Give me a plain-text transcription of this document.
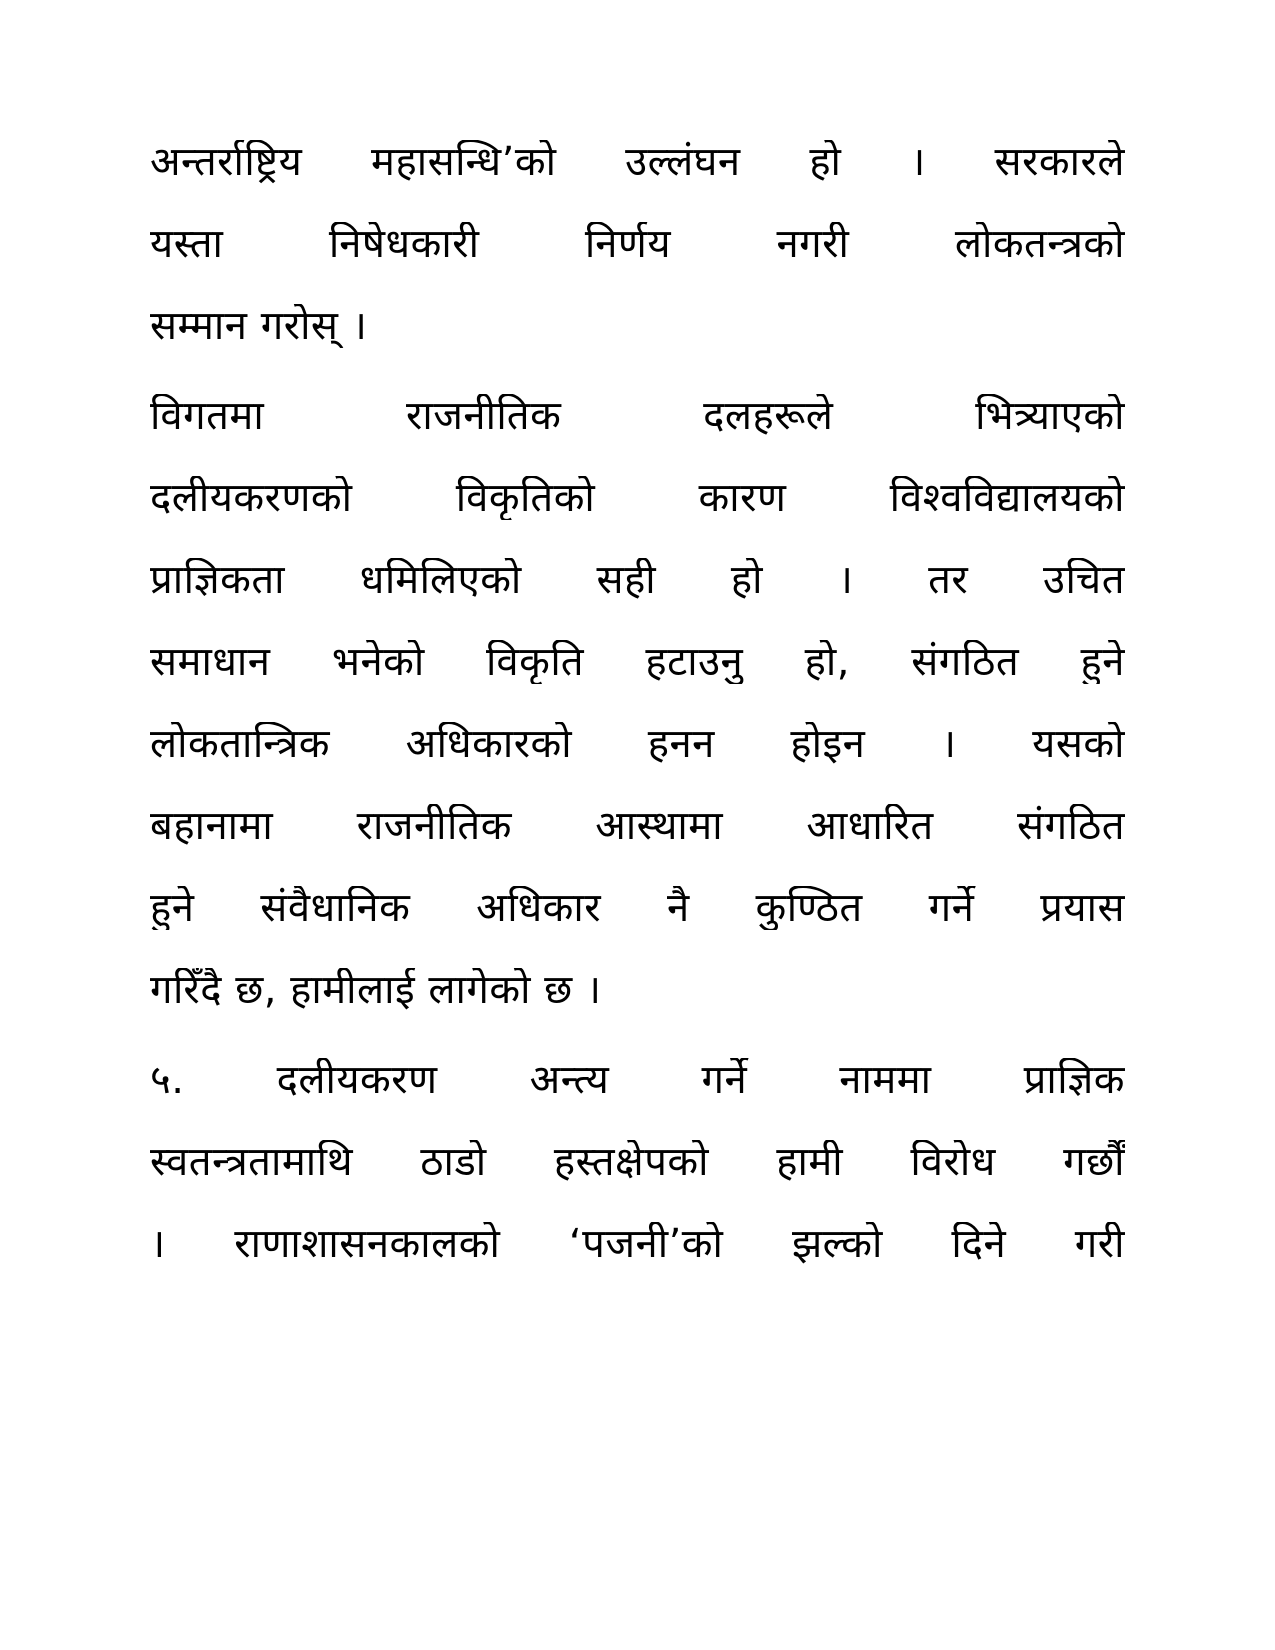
अन्तर्राष्ट्रिय महासन्धि’को उल्लंघन हो । सरकारले
यस्ता निषेधकारी निर्णय नगरी लोकतन्त्रको
सम्मान गरोस् ।
विगतमा राजनीतिक दलहरूले भित्र्याएको
दलीयकरणको विकृतिको कारण विश्वविद्यालयको
प्राज्ञिकता धमिलिएको सही हो । तर उचित
समाधान भनेको विकृति हटाउनु हो, संगठित हुने
लोकतान्त्रिक अधिकारको हनन होइन । यसको
बहानामा राजनीतिक आस्थामा आधारित संगठित
हुने संवैधानिक अधिकार नै कुण्ठित गर्ने प्रयास
गरिँदै छ, हामीलाई लागेको छ ।
५. दलीयकरण अन्त्य गर्ने नाममा प्राज्ञिक
स्वतन्त्रतामाथि ठाडो हस्तक्षेपको हामी विरोध गर्छौं
। राणाशासनकालको ‘पजनी’को झल्को दिने गरी
